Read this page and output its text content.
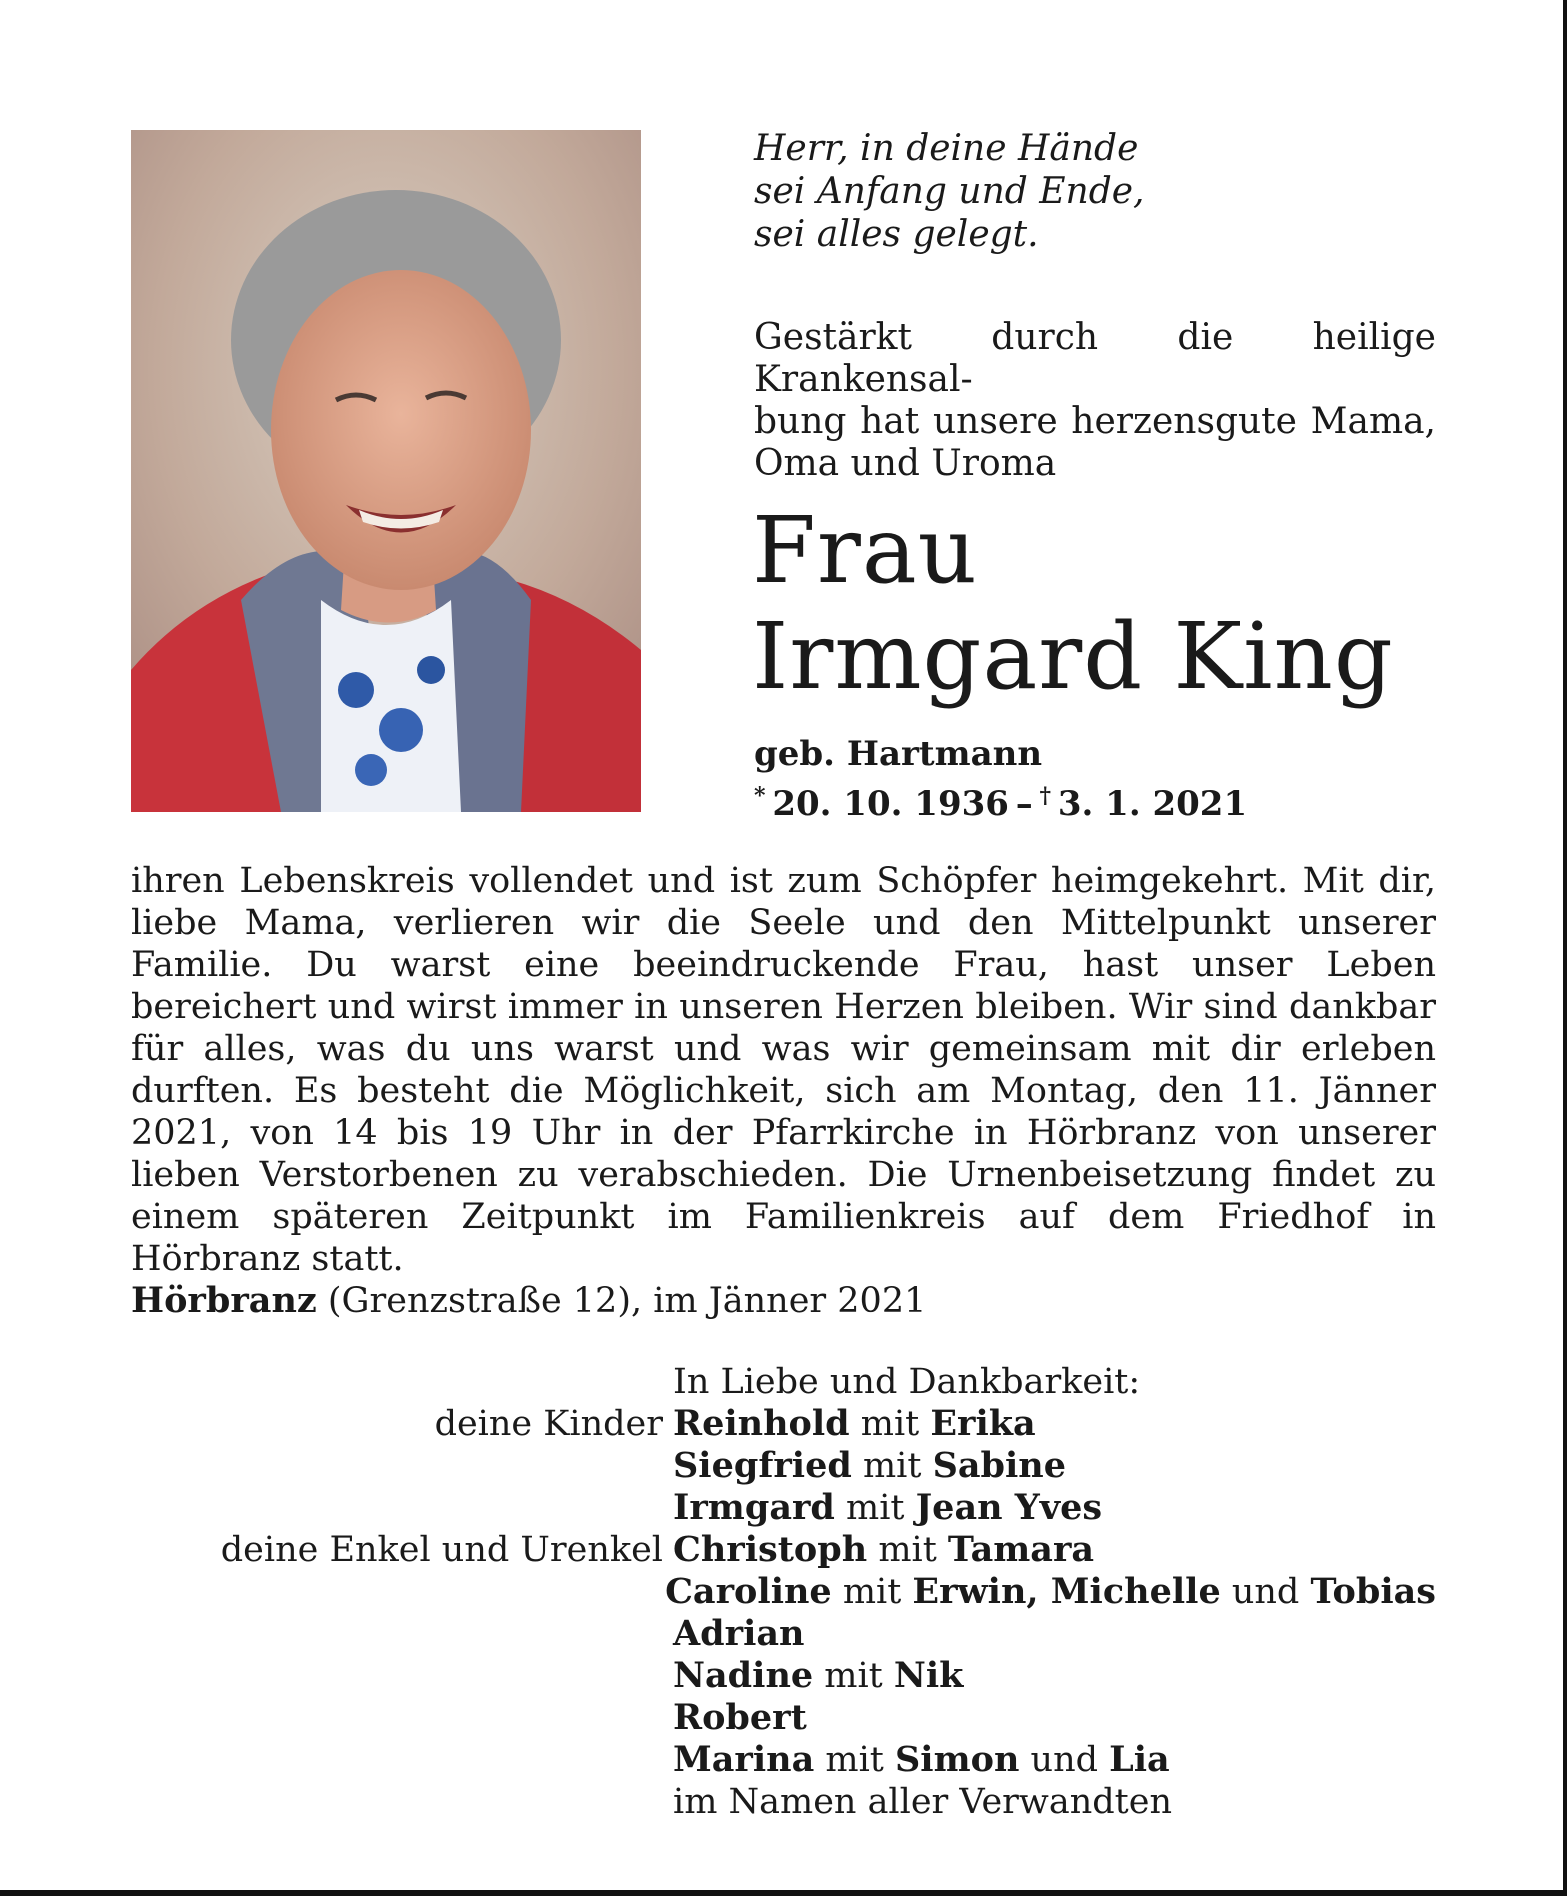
Herr, in deine Hände
sei Anfang und Ende,
sei alles gelegt.
Gestärkt durch die heilige Krankensal-
bung hat unsere herzensgute Mama,
Oma und Uroma
Frau
Irmgard King
geb. Hartmann
*  20. 10. 1936  –  †  3. 1. 2021
ihren Lebenskreis vollendet und ist zum Schöpfer heimgekehrt. Mit dir, liebe Mama, verlieren wir die Seele und den Mittelpunkt unserer Familie. Du warst eine beeindruckende Frau, hast unser Leben bereichert und wirst immer in unseren Herzen bleiben. Wir sind dankbar für alles, was du uns warst und was wir gemeinsam mit dir erleben durften. Es besteht die Möglichkeit, sich am Montag, den 11. Jänner 2021, von 14 bis 19 Uhr in der Pfarrkirche in Hörbranz von unserer lieben Verstorbenen zu verabschieden. Die Urnenbeisetzung findet zu einem späteren Zeitpunkt im Familienkreis auf dem Friedhof in Hörbranz statt.
Hörbranz (Grenzstraße 12), im Jänner 2021
In Liebe und Dankbarkeit:
deine Kinder Reinhold mit Erika
Siegfried mit Sabine
Irmgard mit Jean Yves
deine Enkel und Urenkel Christoph mit Tamara
Caroline mit Erwin, Michelle und Tobias
Adrian
Nadine mit Nik
Robert
Marina mit Simon und Lia
im Namen aller Verwandten
